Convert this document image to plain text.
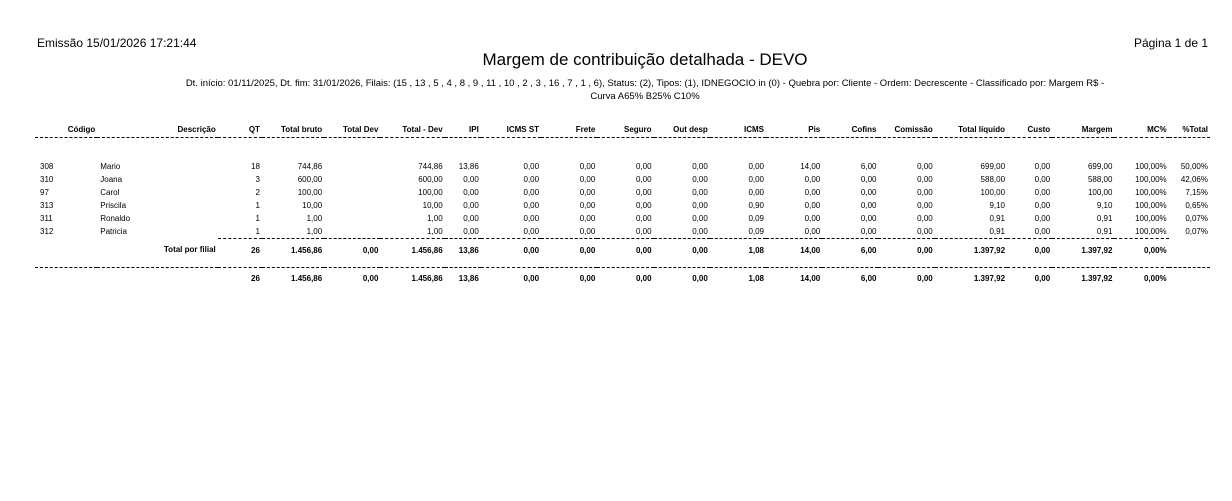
Emissão 15/01/2026 17:21:44	Página 1 de 1
Margem de contribuição detalhada - DEVO
Dt. início: 01/11/2025, Dt. fim: 31/01/2026, Filais: (15 , 13 , 5 , 4 , 8 , 9 , 11 , 10 , 2 , 3 , 16 , 7 , 1 , 6), Status: (2), Tipos: (1), IDNEGOCIO in (0) - Quebra por: Cliente - Ordem: Decrescente - Classificado por: Margem R$ -
Curva A65% B25% C10%
Código	Descrição	QT	Total bruto	Total Dev	Total - Dev	IPI	ICMS ST	Frete	Seguro	Out desp	ICMS	Pis	Cofins	Comissão	Total líquido	Custo	Margem	MC%	%Total

308	Mario	18	744,86		744,86	13,86	0,00	0,00	0,00	0,00	0,00	14,00	6,00	0,00	699,00	0,00	699,00	100,00%	50,00%
310	Joana	3	600,00		600,00	0,00	0,00	0,00	0,00	0,00	0,00	0,00	0,00	0,00	588,00	0,00	588,00	100,00%	42,06%
97	Carol	2	100,00		100,00	0,00	0,00	0,00	0,00	0,00	0,00	0,00	0,00	0,00	100,00	0,00	100,00	100,00%	7,15%
313	Priscila	1	10,00		10,00	0,00	0,00	0,00	0,00	0,00	0,90	0,00	0,00	0,00	9,10	0,00	9,10	100,00%	0,65%
311	Ronaldo	1	1,00		1,00	0,00	0,00	0,00	0,00	0,00	0,09	0,00	0,00	0,00	0,91	0,00	0,91	100,00%	0,07%
312	Patricia	1	1,00		1,00	0,00	0,00	0,00	0,00	0,00	0,09	0,00	0,00	0,00	0,91	0,00	0,91	100,00%	0,07%
Total por filial		26	1.456,86	0,00	1.456,86	13,86	0,00	0,00	0,00	0,00	1,08	14,00	6,00	0,00	1.397,92	0,00	1.397,92	0,00%	

		26	1.456,86	0,00	1.456,86	13,86	0,00	0,00	0,00	0,00	1,08	14,00	6,00	0,00	1.397,92	0,00	1.397,92	0,00%	
